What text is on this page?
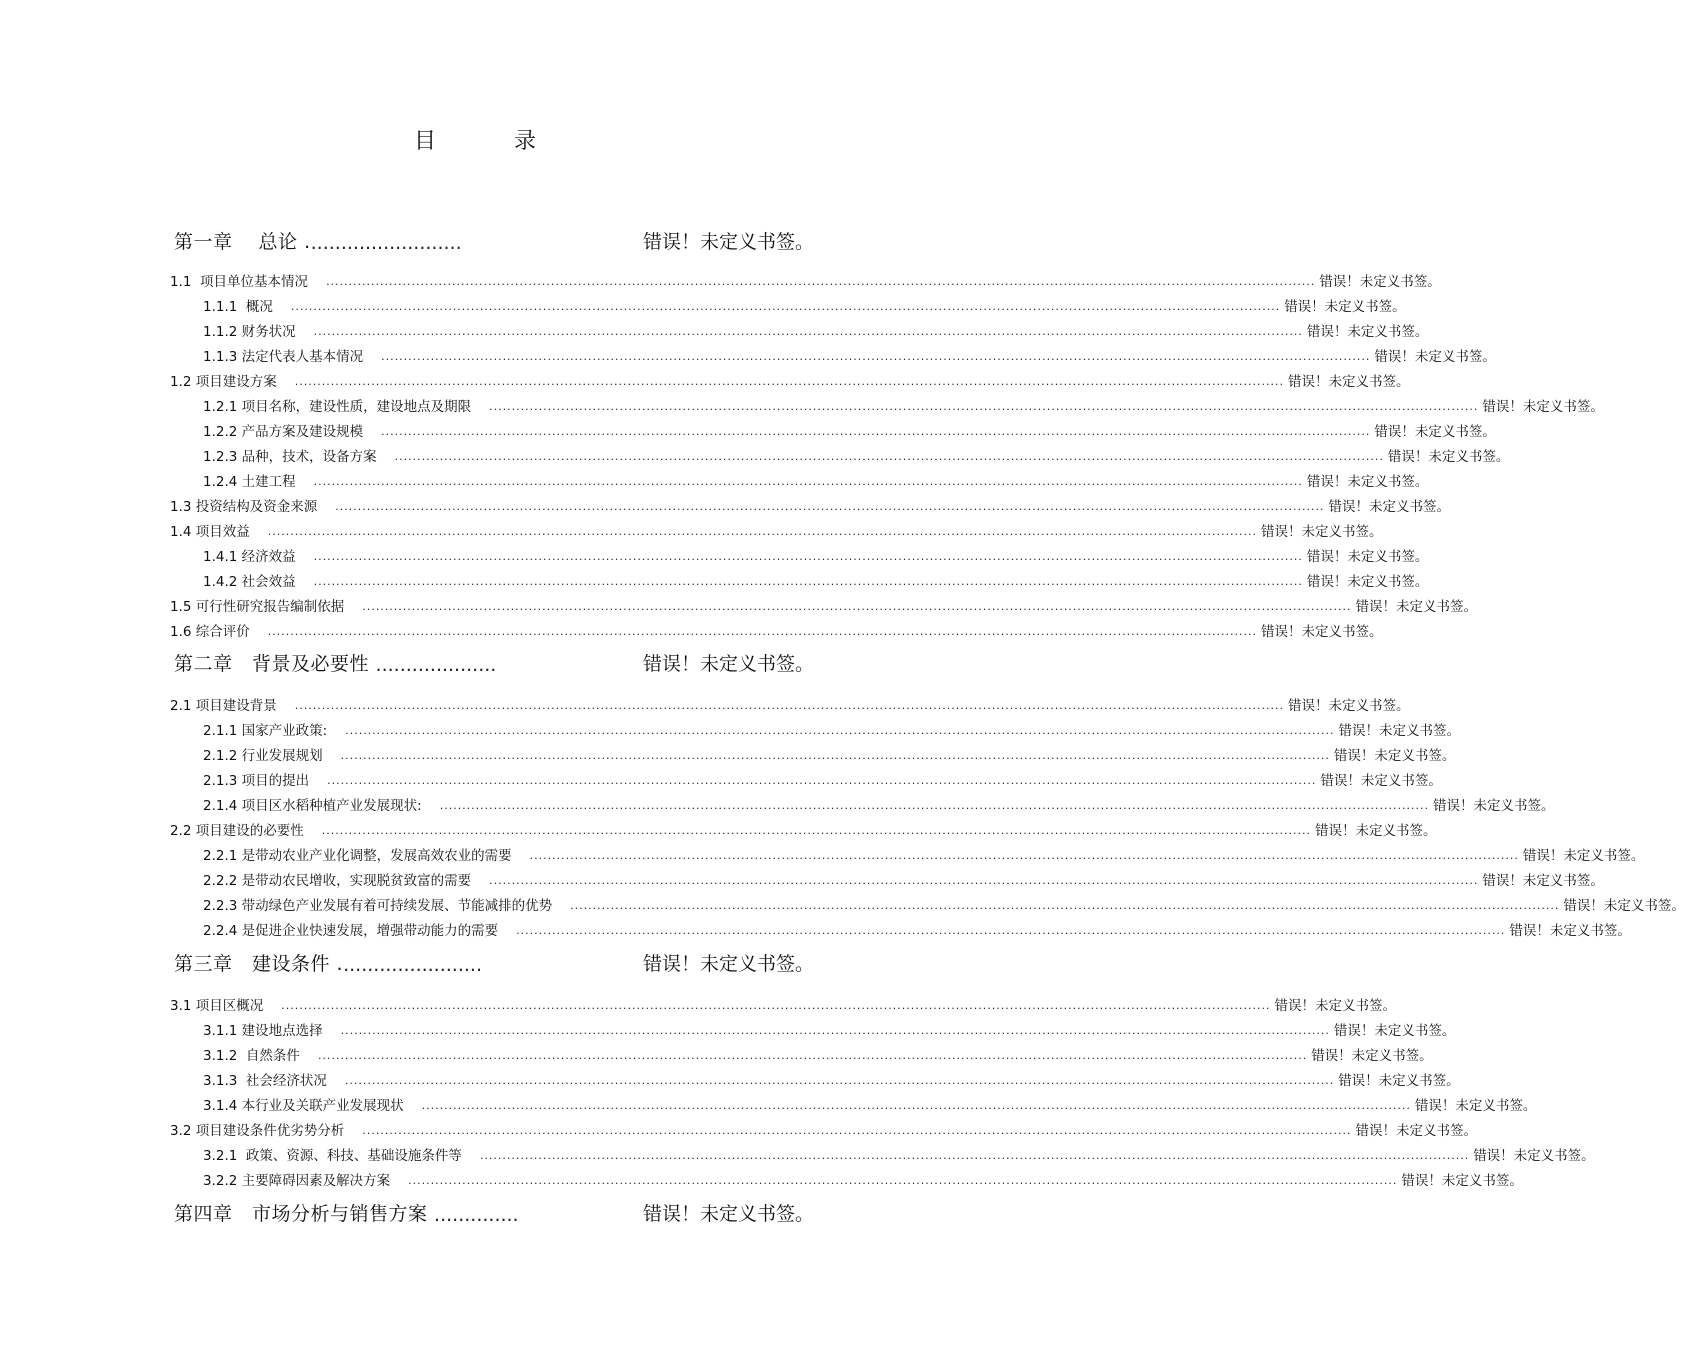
目　录
第一章　 总论 . .........................	错误！未定义书签。
1.1  项目单位基本情况 ............................................................................................................................................................................................................................ 错误！未定义书签。
1.1.1  概况 ............................................................................................................................................................................................................................ 错误！未定义书签。
1.1.2 财务状况 ............................................................................................................................................................................................................................ 错误！未定义书签。
1.1.3 法定代表人基本情况 ............................................................................................................................................................................................................................ 错误！未定义书签。
1.2 项目建设方案 ............................................................................................................................................................................................................................ 错误！未定义书签。
1.2.1 项目名称，建设性质，建设地点及期限 ............................................................................................................................................................................................................................ 错误！未定义书签。
1.2.2 产品方案及建设规模 ............................................................................................................................................................................................................................ 错误！未定义书签。
1.2.3 品种，技术，设备方案 ............................................................................................................................................................................................................................ 错误！未定义书签。
1.2.4 土建工程 ............................................................................................................................................................................................................................ 错误！未定义书签。
1.3 投资结构及资金来源 ............................................................................................................................................................................................................................ 错误！未定义书签。
1.4 项目效益 ............................................................................................................................................................................................................................ 错误！未定义书签。
1.4.1 经济效益 ............................................................................................................................................................................................................................ 错误！未定义书签。
1.4.2 社会效益 ............................................................................................................................................................................................................................ 错误！未定义书签。
1.5 可行性研究报告编制依据 ............................................................................................................................................................................................................................ 错误！未定义书签。
1.6 综合评价 ............................................................................................................................................................................................................................ 错误！未定义书签。
第二章　背景及必要性 ....................	错误！未定义书签。
2.1 项目建设背景 ............................................................................................................................................................................................................................ 错误！未定义书签。
2.1.1 国家产业政策: ............................................................................................................................................................................................................................ 错误！未定义书签。
2.1.2 行业发展规划 ............................................................................................................................................................................................................................ 错误！未定义书签。
2.1.3 项目的提出 ............................................................................................................................................................................................................................ 错误！未定义书签。
2.1.4 项目区水稻种植产业发展现状: ............................................................................................................................................................................................................................ 错误！未定义书签。
2.2 项目建设的必要性 ............................................................................................................................................................................................................................ 错误！未定义书签。
2.2.1 是带动农业产业化调整，发展高效农业的需要 ............................................................................................................................................................................................................................ 错误！未定义书签。
2.2.2 是带动农民增收，实现脱贫致富的需要 ............................................................................................................................................................................................................................ 错误！未定义书签。
2.2.3 带动绿色产业发展有着可持续发展、节能减排的优势 ............................................................................................................................................................................................................................ 错误！未定义书签。
2.2.4 是促进企业快速发展，增强带动能力的需要 ............................................................................................................................................................................................................................ 错误！未定义书签。
第三章　建设条件 . .......................	错误！未定义书签。
3.1 项目区概况 ............................................................................................................................................................................................................................ 错误！未定义书签。
3.1.1 建设地点选择 ............................................................................................................................................................................................................................ 错误！未定义书签。
3.1.2  自然条件 ............................................................................................................................................................................................................................ 错误！未定义书签。
3.1.3  社会经济状况 ............................................................................................................................................................................................................................ 错误！未定义书签。
3.1.4 本行业及关联产业发展现状 ............................................................................................................................................................................................................................ 错误！未定义书签。
3.2 项目建设条件优劣势分析 ............................................................................................................................................................................................................................ 错误！未定义书签。
3.2.1  政策、资源、科技、基础设施条件等 ............................................................................................................................................................................................................................ 错误！未定义书签。
3.2.2 主要障碍因素及解决方案 ............................................................................................................................................................................................................................ 错误！未定义书签。
第四章　市场分析与销售方案 ..............	错误！未定义书签。
